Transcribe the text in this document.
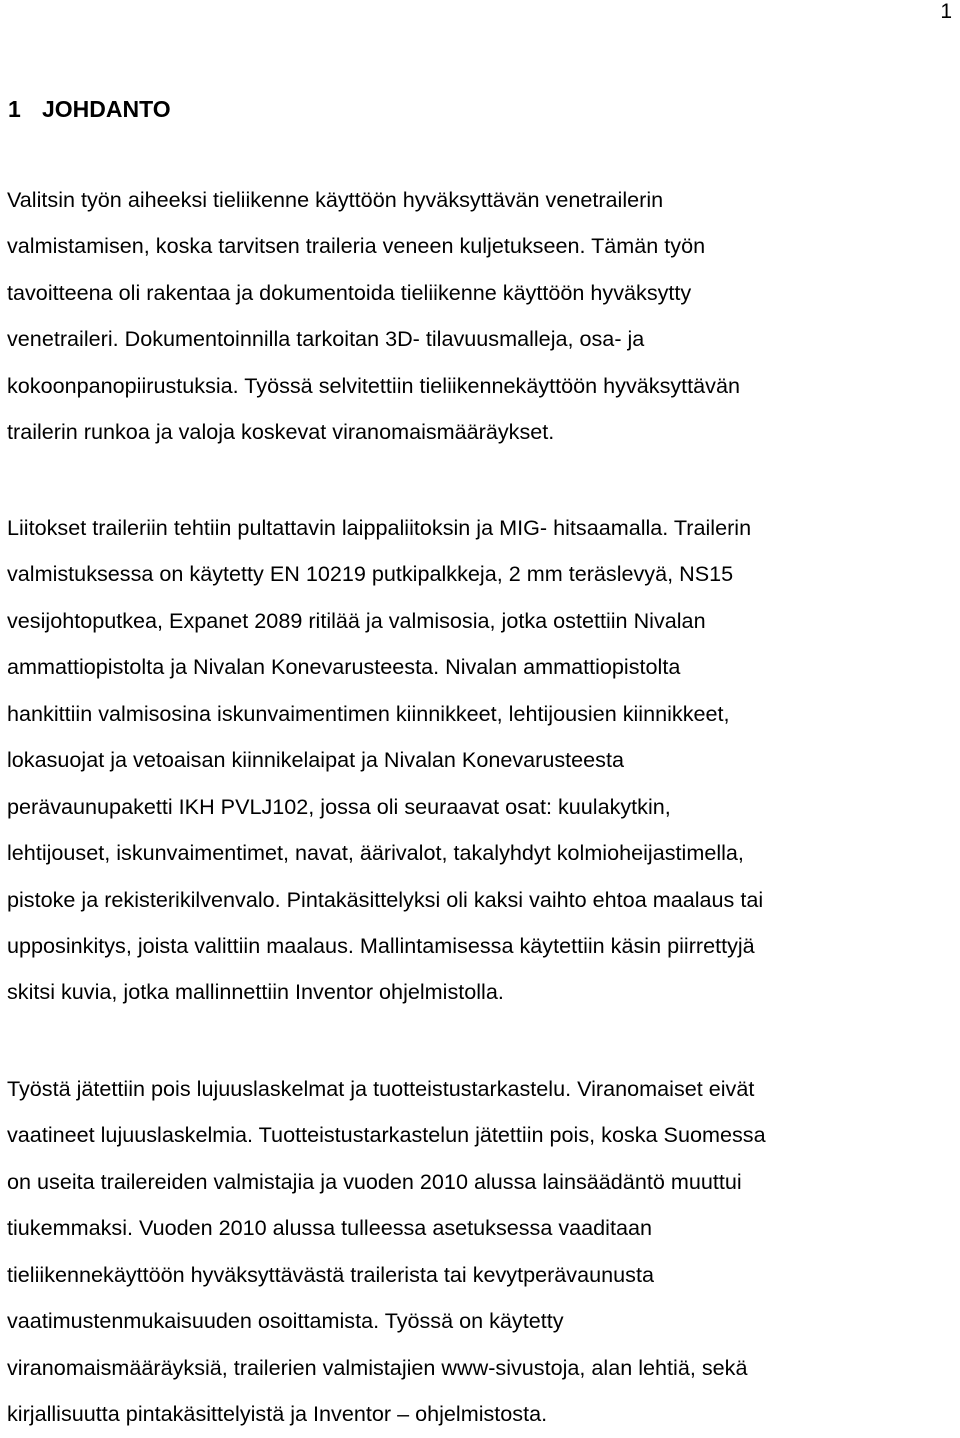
1
1 JOHDANTO

Valitsin työn aiheeksi tieliikenne käyttöön hyväksyttävän venetrailerin
valmistamisen, koska tarvitsen traileria veneen kuljetukseen. Tämän työn
tavoitteena oli rakentaa ja dokumentoida tieliikenne käyttöön hyväksytty
venetraileri. Dokumentoinnilla tarkoitan 3D- tilavuusmalleja, osa- ja
kokoonpanopiirustuksia. Työssä selvitettiin tieliikennekäyttöön hyväksyttävän
trailerin runkoa ja valoja koskevat viranomaismääräykset.

Liitokset traileriin tehtiin pultattavin laippaliitoksin ja MIG- hitsaamalla. Trailerin
valmistuksessa on käytetty EN 10219 putkipalkkeja, 2 mm teräslevyä, NS15
vesijohtoputkea, Expanet 2089 ritilää ja valmisosia, jotka ostettiin Nivalan
ammattiopistolta ja Nivalan Konevarusteesta. Nivalan ammattiopistolta
hankittiin valmisosina iskunvaimentimen kiinnikkeet, lehtijousien kiinnikkeet,
lokasuojat ja vetoaisan kiinnikelaipat ja Nivalan Konevarusteesta
perävaunupaketti IKH PVLJ102, jossa oli seuraavat osat: kuulakytkin,
lehtijouset, iskunvaimentimet, navat, äärivalot, takalyhdyt kolmioheijastimella,
pistoke ja rekisterikilvenvalo. Pintakäsittelyksi oli kaksi vaihto ehtoa maalaus tai
upposinkitys, joista valittiin maalaus. Mallintamisessa käytettiin käsin piirrettyjä
skitsi kuvia, jotka mallinnettiin Inventor ohjelmistolla.

Työstä jätettiin pois lujuuslaskelmat ja tuotteistustarkastelu. Viranomaiset eivät
vaatineet lujuuslaskelmia. Tuotteistustarkastelun jätettiin pois, koska Suomessa
on useita trailereiden valmistajia ja vuoden 2010 alussa lainsäädäntö muuttui
tiukemmaksi. Vuoden 2010 alussa tulleessa asetuksessa vaaditaan
tieliikennekäyttöön hyväksyttävästä trailerista tai kevytperävaunusta
vaatimustenmukaisuuden osoittamista. Työssä on käytetty
viranomaismääräyksiä, trailerien valmistajien www-sivustoja, alan lehtiä, sekä
kirjallisuutta pintakäsittelyistä ja Inventor – ohjelmistosta.
